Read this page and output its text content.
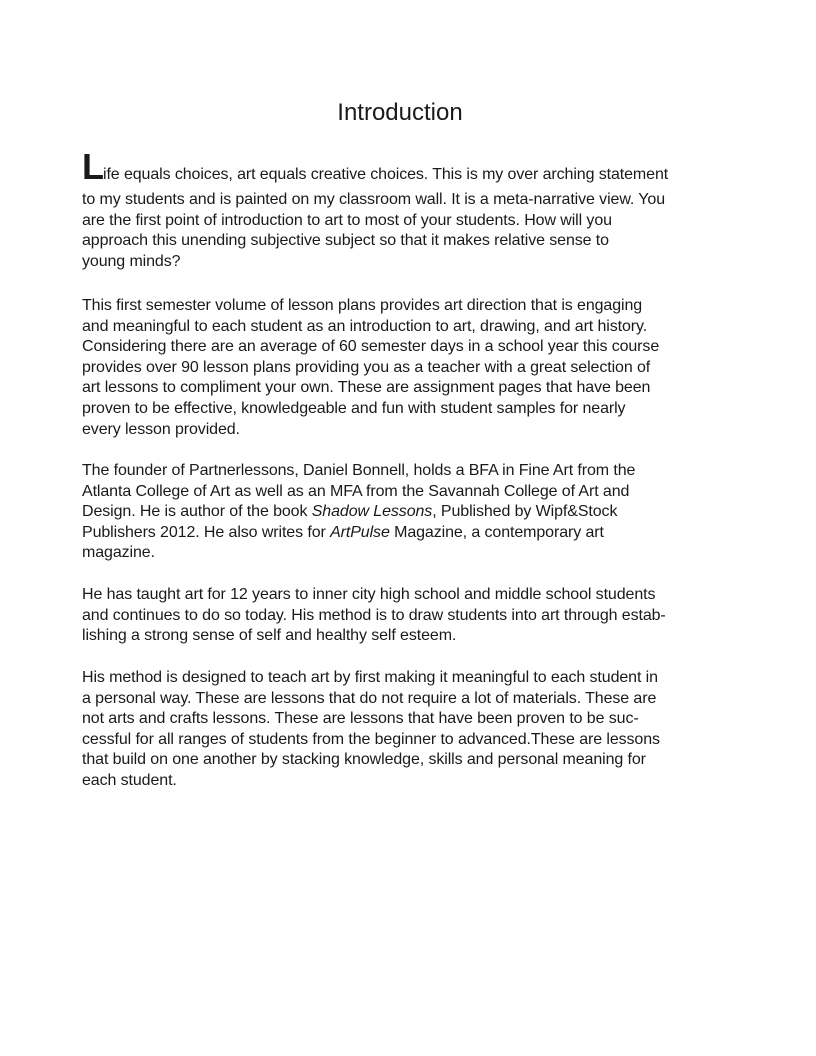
Introduction
Life equals choices, art equals creative choices. This is my over arching statement
to my students and is painted on my classroom wall. It is a meta-narrative view. You
are the first point of introduction to art to most of your students. How will you
approach this unending subjective subject so that it makes relative sense to
young minds?
This first semester volume of lesson plans provides art direction that is engaging
and meaningful to each student as an introduction to art, drawing, and art history.
Considering there are an average of 60 semester days in a school year this course
provides over 90 lesson plans providing you as a teacher with a great selection of
art lessons to compliment your own. These are assignment pages that have been
proven to be effective, knowledgeable and fun with student samples for nearly
every lesson provided.
The founder of Partnerlessons, Daniel Bonnell, holds a BFA in Fine Art from the
Atlanta College of Art as well as an MFA from the Savannah College of Art and
Design. He is author of the book Shadow Lessons, Published by Wipf&Stock
Publishers 2012. He also writes for ArtPulse Magazine, a contemporary art
magazine.
He has taught art for 12 years to inner city high school and middle school students
and continues to do so today. His method is to draw students into art through estab-
lishing a strong sense of self and healthy self esteem.
His method is designed to teach art by first making it meaningful to each student in
a personal way. These are lessons that do not require a lot of materials. These are
not arts and crafts lessons. These are lessons that have been proven to be suc-
cessful for all ranges of students from the beginner to advanced.These are lessons
that build on one another by stacking knowledge, skills and personal meaning for
each student.
